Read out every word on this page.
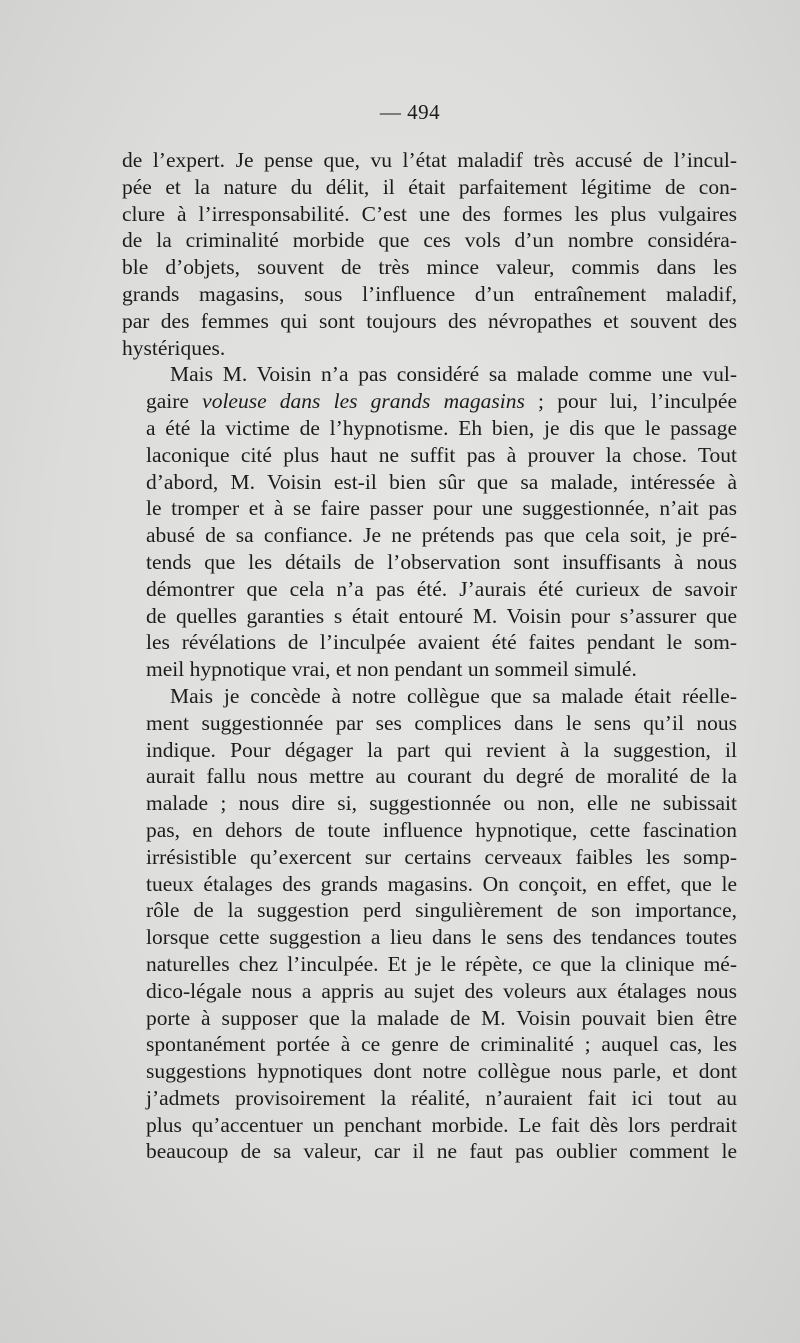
— 494
de l’expert. Je pense que, vu l’état maladif très accusé de l’incul-
pée et la nature du délit, il était parfaitement légitime de con-
clure à l’irresponsabilité. C’est une des formes les plus vulgaires
de la criminalité morbide que ces vols d’un nombre considéra-
ble d’objets, souvent de très mince valeur, commis dans les
grands magasins, sous l’influence d’un entraînement maladif,
par des femmes qui sont toujours des névropathes et souvent des
hystériques.
Mais M. Voisin n’a pas considéré sa malade comme une vul-
gaire voleuse dans les grands magasins ; pour lui, l’inculpée
a été la victime de l’hypnotisme. Eh bien, je dis que le passage
laconique cité plus haut ne suffit pas à prouver la chose. Tout
d’abord, M. Voisin est-il bien sûr que sa malade, intéressée à
le tromper et à se faire passer pour une suggestionnée, n’ait pas
abusé de sa confiance. Je ne prétends pas que cela soit, je pré-
tends que les détails de l’observation sont insuffisants à nous
démontrer que cela n’a pas été. J’aurais été curieux de savoir
de quelles garanties s était entouré M. Voisin pour s’assurer que
les révélations de l’inculpée avaient été faites pendant le som-
meil hypnotique vrai, et non pendant un sommeil simulé.
Mais je concède à notre collègue que sa malade était réelle-
ment suggestionnée par ses complices dans le sens qu’il nous
indique. Pour dégager la part qui revient à la suggestion, il
aurait fallu nous mettre au courant du degré de moralité de la
malade ; nous dire si, suggestionnée ou non, elle ne subissait
pas, en dehors de toute influence hypnotique, cette fascination
irrésistible qu’exercent sur certains cerveaux faibles les somp-
tueux étalages des grands magasins. On conçoit, en effet, que le
rôle de la suggestion perd singulièrement de son importance,
lorsque cette suggestion a lieu dans le sens des tendances toutes
naturelles chez l’inculpée. Et je le répète, ce que la clinique mé-
dico-légale nous a appris au sujet des voleurs aux étalages nous
porte à supposer que la malade de M. Voisin pouvait bien être
spontanément portée à ce genre de criminalité ; auquel cas, les
suggestions hypnotiques dont notre collègue nous parle, et dont
j’admets provisoirement la réalité, n’auraient fait ici tout au
plus qu’accentuer un penchant morbide. Le fait dès lors perdrait
beaucoup de sa valeur, car il ne faut pas oublier comment le
